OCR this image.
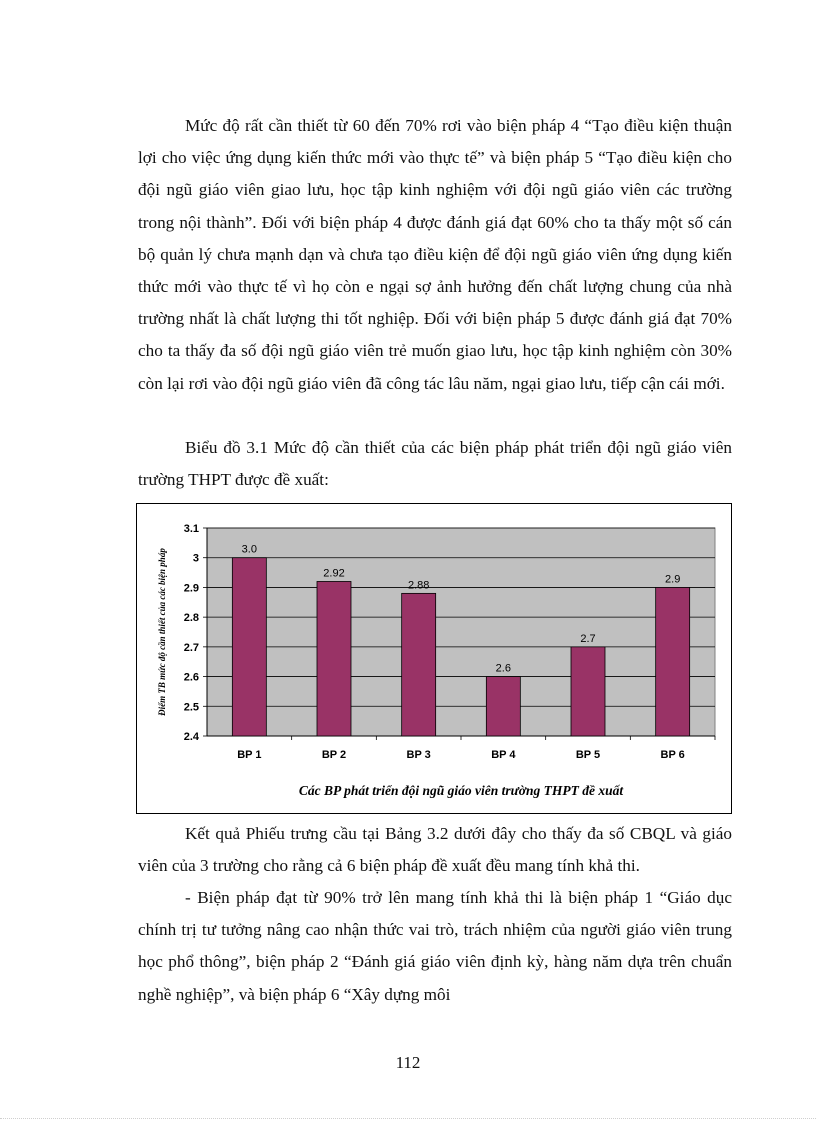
Mức độ rất cần thiết từ 60 đến 70% rơi vào biện pháp 4 “Tạo điều kiện thuận lợi cho việc ứng dụng kiến thức mới vào thực tế” và biện pháp 5 “Tạo điều kiện cho đội ngũ giáo viên giao lưu, học tập kinh nghiệm với đội ngũ giáo viên các trường trong nội thành”. Đối với biện pháp 4 được đánh giá đạt 60% cho ta thấy một số cán bộ quản lý chưa mạnh dạn và chưa tạo điều kiện để đội ngũ giáo viên ứng dụng kiến thức mới vào thực tế vì họ còn e ngại sợ ảnh hưởng đến chất lượng chung của nhà trường nhất là chất lượng thi tốt nghiệp. Đối với biện pháp 5 được đánh giá đạt 70% cho ta thấy đa số đội ngũ giáo viên trẻ muốn giao lưu, học tập kinh nghiệm còn 30% còn lại rơi vào đội ngũ giáo viên đã công tác lâu năm, ngại giao lưu, tiếp cận cái mới.

Biểu đồ 3.1 Mức độ cần thiết của các biện pháp phát triển đội ngũ giáo viên trường THPT được đề xuất:

2.4
2.5
2.6
2.7
2.8
2.9
3
3.1
3.0
BP 1
2.92
BP 2
2.88
BP 3
2.6
BP 4
2.7
BP 5
2.9
BP 6
Các BP phát triển đội ngũ giáo viên trường THPT đề xuất
Điểm TB mức độ cần thiết của các biện pháp

Kết quả Phiếu trưng cầu tại Bảng 3.2 dưới đây cho thấy đa số CBQL và giáo viên của 3 trường cho rằng cả 6 biện pháp đề xuất đều mang tính khả thi.

- Biện pháp đạt từ 90% trở lên mang tính khả thi là biện pháp 1 “Giáo dục chính trị tư tưởng nâng cao nhận thức vai trò, trách nhiệm của người giáo viên trung học phổ thông”, biện pháp 2 “Đánh giá giáo viên định kỳ, hàng năm dựa trên chuẩn nghề nghiệp”, và biện pháp 6 “Xây dựng môi

112
